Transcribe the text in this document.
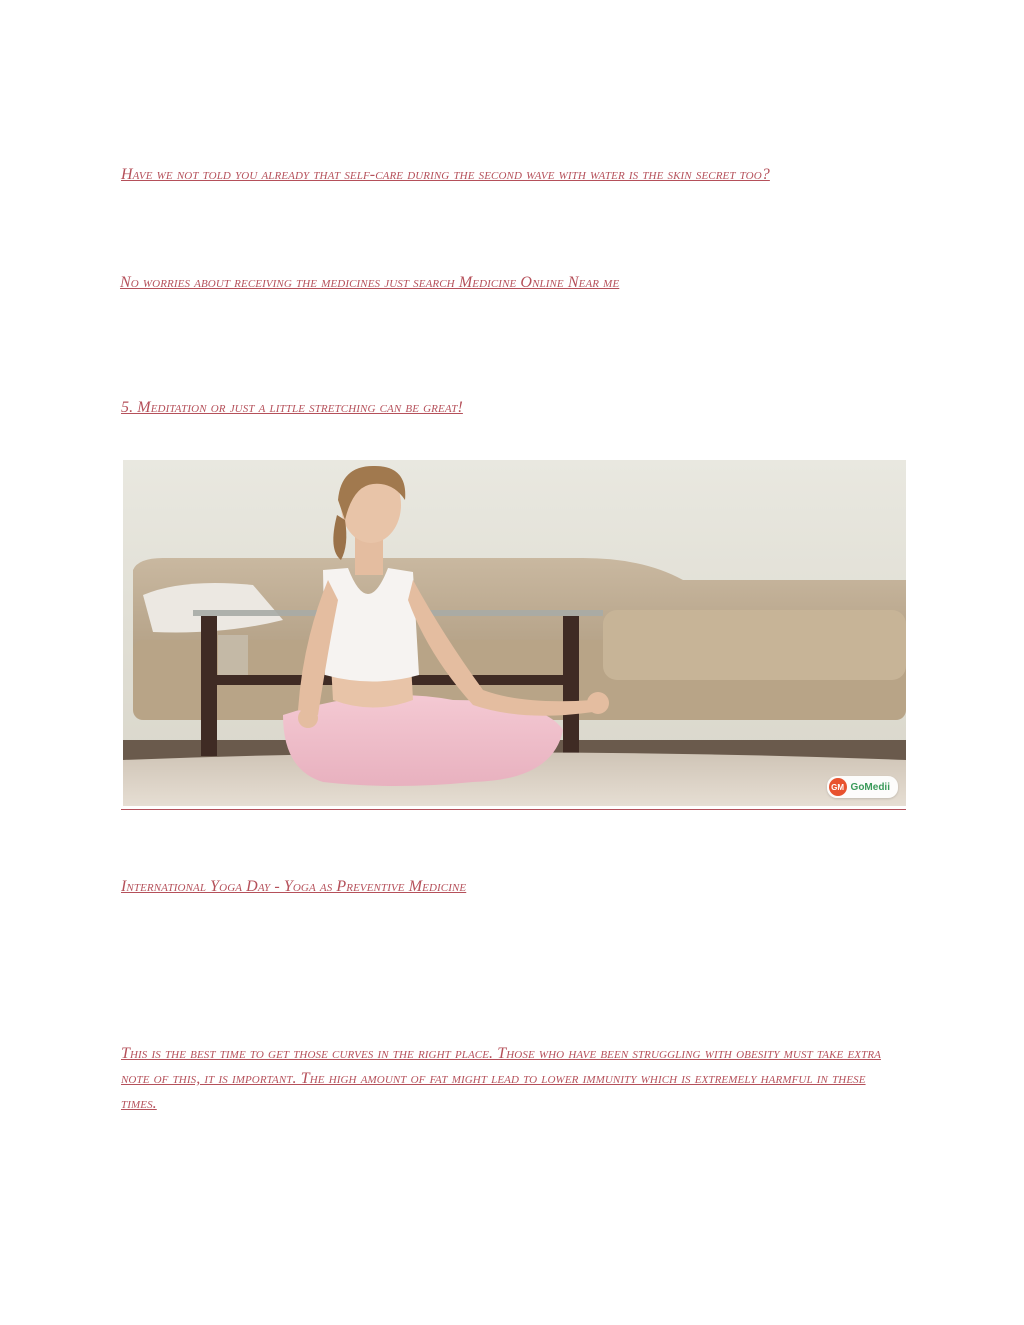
Have we not told you already that self-care during the second wave with water is the skin secret too?
No worries about receiving the medicines just search Medicine Online Near me
5. Meditation or just a little stretching can be great!
GM GoMedii
International Yoga Day - Yoga as Preventive Medicine
This is the best time to get those curves in the right place. Those who have been struggling with obesity must take extra note of this, it is important. The high amount of fat might lead to lower immunity which is extremely harmful in these times.
